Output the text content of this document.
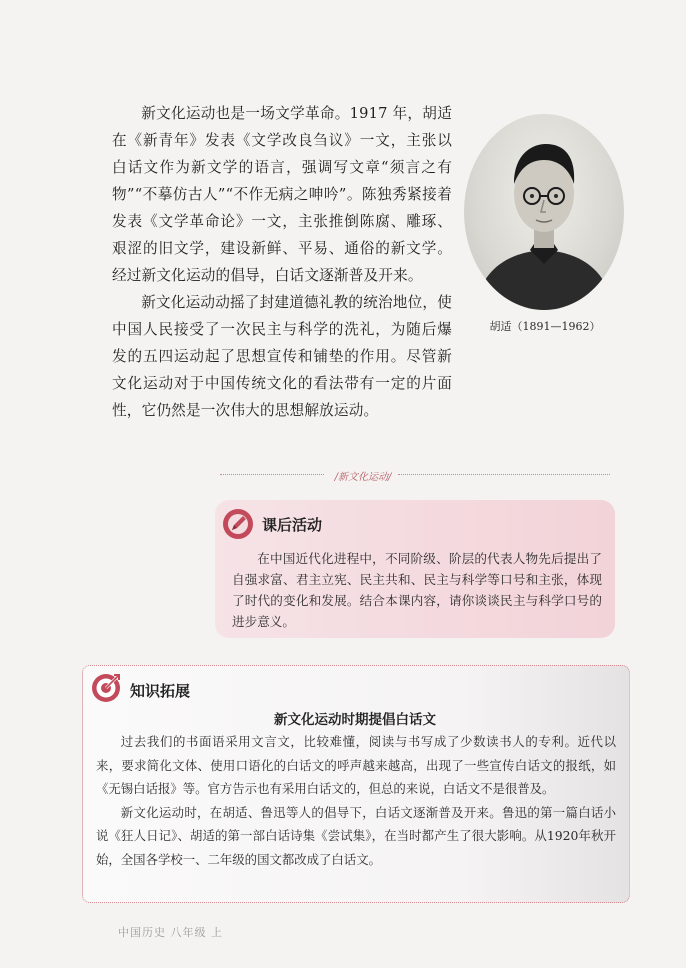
新文化运动也是一场文学革命。1917 年，胡适在《新青年》发表《文学改良刍议》一文，主张以白话文作为新文学的语言，强调写文章“须言之有物”“不摹仿古人”“不作无病之呻吟”。陈独秀紧接着发表《文学革命论》一文，主张推倒陈腐、雕琢、艰涩的旧文学，建设新鲜、平易、通俗的新文学。经过新文化运动的倡导，白话文逐渐普及开来。

新文化运动动摇了封建道德礼教的统治地位，使中国人民接受了一次民主与科学的洗礼，为随后爆发的五四运动起了思想宣传和铺垫的作用。尽管新文化运动对于中国传统文化的看法带有一定的片面性，它仍然是一次伟大的思想解放运动。

胡适（1891—1962）
/新文化运动/
课后活动

在中国近代化进程中，不同阶级、阶层的代表人物先后提出了自强求富、君主立宪、民主共和、民主与科学等口号和主张，体现了时代的变化和发展。结合本课内容，请你谈谈民主与科学口号的进步意义。

知识拓展
新文化运动时期提倡白话文

过去我们的书面语采用文言文，比较难懂，阅读与书写成了少数读书人的专利。近代以来，要求简化文体、使用口语化的白话文的呼声越来越高，出现了一些宣传白话文的报纸，如《无锡白话报》等。官方告示也有采用白话文的，但总的来说，白话文不是很普及。

新文化运动时，在胡适、鲁迅等人的倡导下，白话文逐渐普及开来。鲁迅的第一篇白话小说《狂人日记》、胡适的第一部白话诗集《尝试集》，在当时都产生了很大影响。从1920年秋开始，全国各学校一、二年级的国文都改成了白话文。

中国历史 八年级 上
